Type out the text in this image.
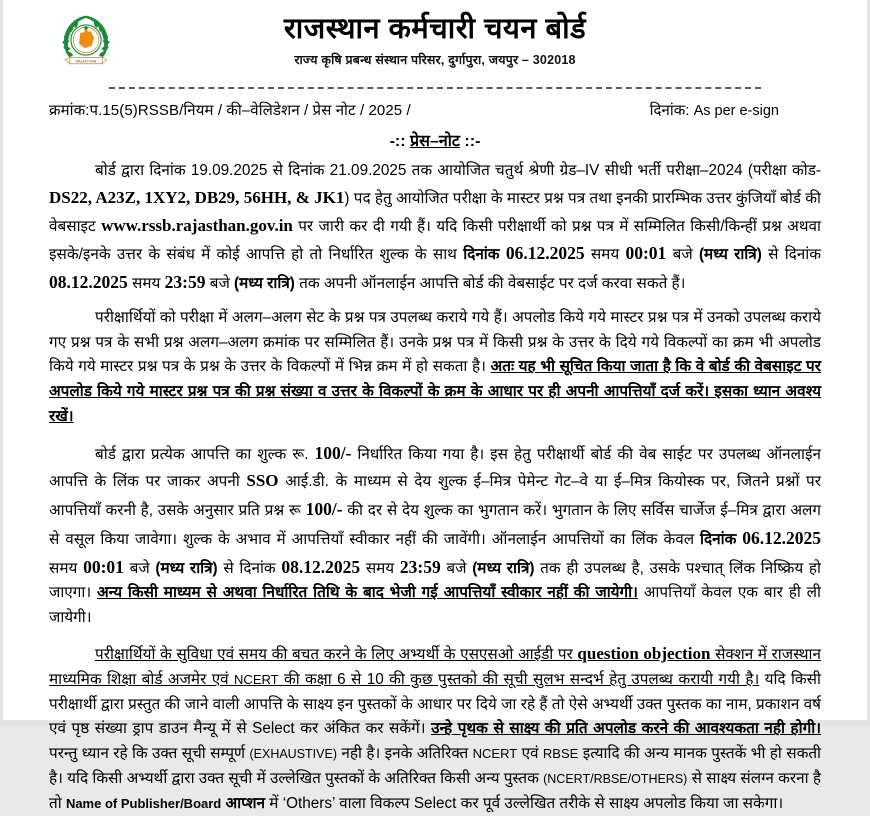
RAJASTHAN
राजस्थान कर्मचारी चयन बोर्ड
राज्य कृषि प्रबन्ध संस्थान परिसर, दुर्गापुरा, जयपुर – 302018
क्रमांक:प.15(5)RSSB/नियम / की–वेलिडेशन / प्रेस नोट / 2025 /	दिनांक: As per e-sign
-:: प्रेस–नोट ::-

बोर्ड द्वारा दिनांक 19.09.2025 से दिनांक 21.09.2025 तक आयोजित चतुर्थ श्रेणी ग्रेड–IV सीधी भर्ती परीक्षा–2024 (परीक्षा कोड-DS22, A23Z, 1XY2, DB29, 56HH, & JK1) पद हेतु आयोजित परीक्षा के मास्टर प्रश्न पत्र तथा इनकी प्रारम्भिक उत्तर कुंजियॉं बोर्ड की वेबसाइट www.rssb.rajasthan.gov.in पर जारी कर दी गयी हैं। यदि किसी परीक्षार्थी को प्रश्न पत्र में सम्मिलित किसी/किन्हीं प्रश्न अथवा इसके/इनके उत्तर के संबंध में कोई आपत्ति हो तो निर्धारित शुल्क के साथ दिनांक 06.12.2025 समय 00:01 बजे (मध्य रात्रि) से दिनांक 08.12.2025 समय 23:59 बजे (मध्य रात्रि) तक अपनी ऑनलाईन आपत्ति बोर्ड की वेबसाईट पर दर्ज करवा सकते हैं।

परीक्षार्थियों को परीक्षा में अलग–अलग सेट के प्रश्न पत्र उपलब्ध कराये गये हैं। अपलोड किये गये मास्टर प्रश्न पत्र में उनको उपलब्ध कराये गए प्रश्न पत्र के सभी प्रश्न अलग–अलग क्रमांक पर सम्मिलित हैं। उनके प्रश्न पत्र में किसी प्रश्न के उत्तर के दिये गये विकल्पों का क्रम भी अपलोड किये गये मास्टर प्रश्न पत्र के प्रश्न के उत्तर के विकल्पों में भिन्न क्रम में हो सकता है। अतः यह भी सूचित किया जाता है कि वे बोर्ड की वेबसाइट पर अपलोड किये गये मास्टर प्रश्न पत्र की प्रश्न संख्या व उत्तर के विकल्पों के क्रम के आधार पर ही अपनी आपत्तियाँ दर्ज करें। इसका ध्यान अवश्य रखें।

बोर्ड द्वारा प्रत्येक आपत्ति का शुल्क रू. 100/- निर्धारित किया गया है। इस हेतु परीक्षार्थी बोर्ड की वेब साईट पर उपलब्ध ऑनलाईन आपत्ति के लिंक पर जाकर अपनी SSO आई.डी. के माध्यम से देय शुल्क ई–मित्र पेमेन्ट गेट–वे या ई–मित्र कियोस्क पर, जितने प्रश्नों पर आपत्तियाँ करनी है, उसके अनुसार प्रति प्रश्न रू 100/- की दर से देय शुल्क का भुगतान करें। भुगतान के लिए सर्विस चार्जेज ई–मित्र द्वारा अलग से वसूल किया जावेगा। शुल्क के अभाव में आपत्तियाँ स्वीकार नहीं की जावेंगी। ऑनलाईन आपत्तियों का लिंक केवल दिनांक 06.12.2025 समय 00:01 बजे (मध्य रात्रि) से दिनांक 08.12.2025 समय 23:59 बजे (मध्य रात्रि) तक ही उपलब्ध है, उसके पश्चात् लिंक निष्क्रिय हो जाएगा। अन्य किसी माध्यम से अथवा निर्धारित तिथि के बाद भेजी गई आपत्तियाँ स्वीकार नहीं की जायेगी। आपत्तियाँ केवल एक बार ही ली जायेगी।

परीक्षार्थियों के सुविधा एवं समय की बचत करने के लिए अभ्यर्थी के एसएसओ आईडी पर question objection सेक्शन में राजस्थान माध्यमिक शिक्षा बोर्ड अजमेर एवं NCERT की कक्षा 6 से 10 की कुछ पुस्तको की सूची सुलभ सन्दर्भ हेतु उपलब्ध करायी गयी है। यदि किसी परीक्षार्थी द्वारा प्रस्तुत की जाने वाली आपत्ति के साक्ष्य इन पुस्तकों के आधार पर दिये जा रहे हैं तो ऐसे अभ्यर्थी उक्त पुस्तक का नाम, प्रकाशन वर्ष एवं पृष्ठ संख्या ड्राप डाउन मैन्यू में से Select कर अंकित कर सकेंगें। उन्हे पृथक से साक्ष्य की प्रति अपलोड करने की आवश्यकता नही होगी। परन्तु ध्यान रहे कि उक्त सूची सम्पूर्ण (EXHAUSTIVE) नही है। इनके अतिरिक्त NCERT एवं RBSE इत्यादि की अन्य मानक पुस्तकें भी हो सकती है। यदि किसी अभ्यर्थी द्वारा उक्त सूची में उल्लेखित पुस्तकों के अतिरिक्त किसी अन्य पुस्तक (NCERT/RBSE/OTHERS) से साक्ष्य संलग्न करना है तो Name of Publisher/Board आप्शन में ‘Others’ वाला विकल्प Select कर पूर्व उल्लेखित तरीके से साक्ष्य अपलोड किया जा सकेगा।
